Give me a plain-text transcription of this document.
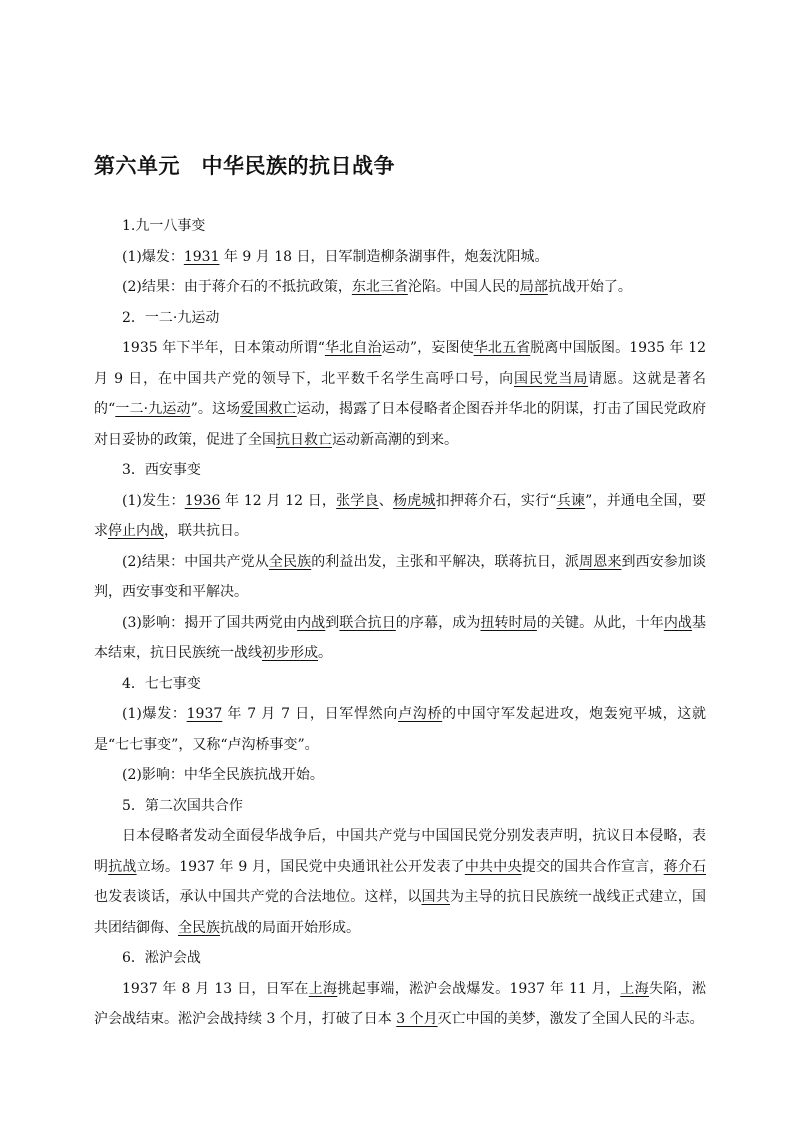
第六单元　中华民族的抗日战争

1.九一八事变

(1)爆发：1931 年 9 月 18 日，日军制造柳条湖事件，炮轰沈阳城。

(2)结果：由于蒋介石的不抵抗政策，东北三省沦陷。中国人民的局部抗战开始了。

2．一二·九运动

1935 年下半年，日本策动所谓“华北自治运动”，妄图使华北五省脱离中国版图。1935 年 12 月 9 日，在中国共产党的领导下，北平数千名学生高呼口号，向国民党当局请愿。这就是著名的“一二·九运动”。这场爱国救亡运动，揭露了日本侵略者企图吞并华北的阴谋，打击了国民党政府对日妥协的政策，促进了全国抗日救亡运动新高潮的到来。

3．西安事变

(1)发生：1936 年 12 月 12 日，张学良、杨虎城扣押蒋介石，实行“兵谏”，并通电全国，要求停止内战，联共抗日。

(2)结果：中国共产党从全民族的利益出发，主张和平解决，联蒋抗日，派周恩来到西安参加谈判，西安事变和平解决。

(3)影响：揭开了国共两党由内战到联合抗日的序幕，成为扭转时局的关键。从此，十年内战基本结束，抗日民族统一战线初步形成。

4．七七事变

(1)爆发：1937 年 7 月 7 日，日军悍然向卢沟桥的中国守军发起进攻，炮轰宛平城，这就是“七七事变”，又称“卢沟桥事变”。

(2)影响：中华全民族抗战开始。

5．第二次国共合作

日本侵略者发动全面侵华战争后，中国共产党与中国国民党分别发表声明，抗议日本侵略，表明抗战立场。1937 年 9 月，国民党中央通讯社公开发表了中共中央提交的国共合作宣言，蒋介石也发表谈话，承认中国共产党的合法地位。这样，以国共为主导的抗日民族统一战线正式建立，国共团结御侮、全民族抗战的局面开始形成。

6．淞沪会战

1937 年 8 月 13 日，日军在上海挑起事端，淞沪会战爆发。1937 年 11 月，上海失陷，淞沪会战结束。淞沪会战持续 3 个月，打破了日本 3 个月灭亡中国的美梦，激发了全国人民的斗志。
